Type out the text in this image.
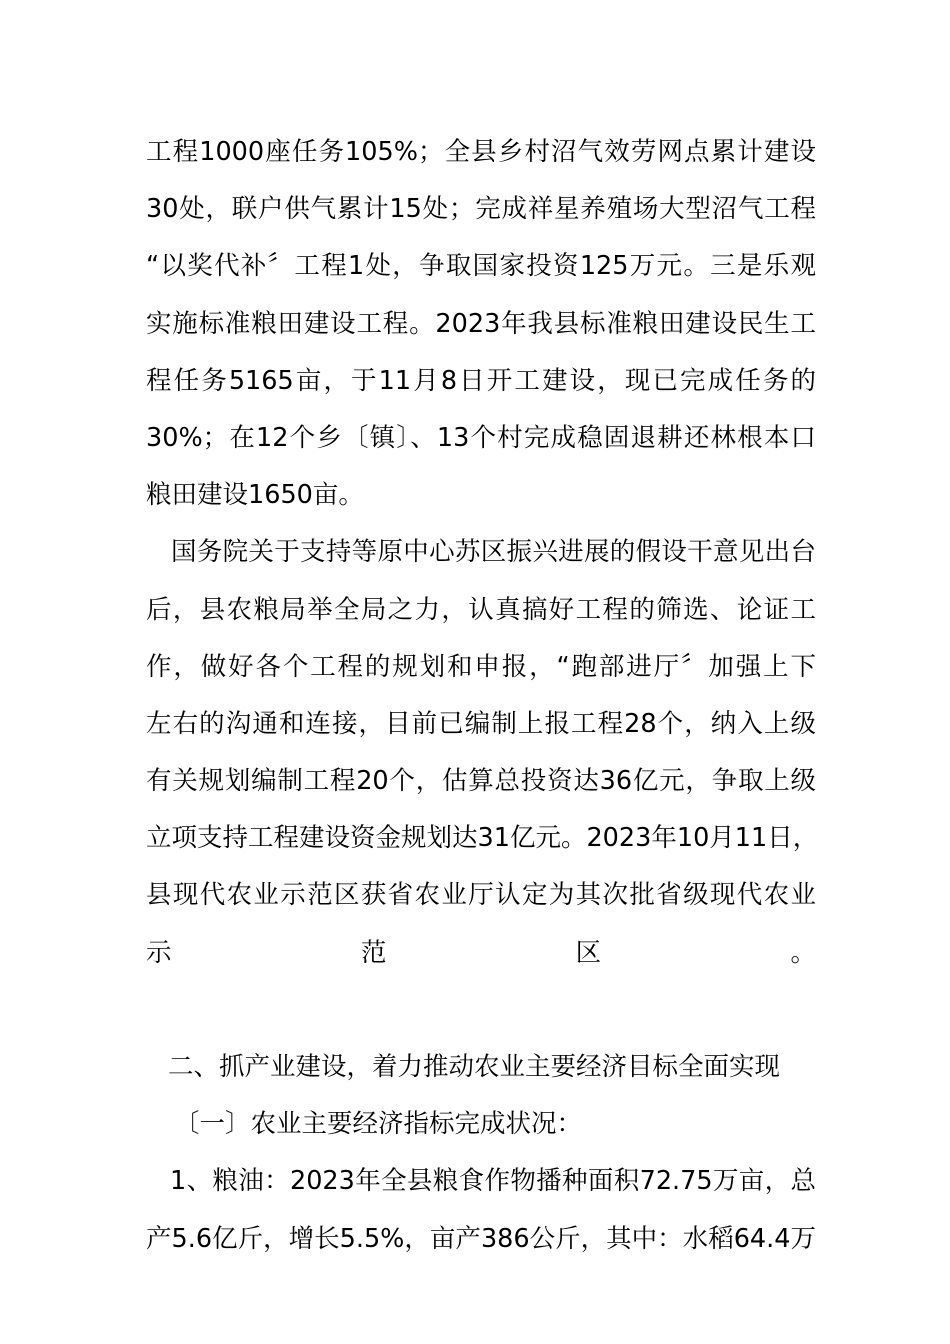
工程1000座任务105%；全县乡村沼气效劳网点累计建设
30处，联户供气累计15处；完成祥星养殖场大型沼气工程
“以奖代补〞工程1处，争取国家投资125万元。三是乐观
实施标准粮田建设工程。2023年我县标准粮田建设民生工
程任务5165亩，于11月8日开工建设，现已完成任务的
30%；在12个乡〔镇〕、13个村完成稳固退耕还林根本口
粮田建设1650亩。
国务院关于支持等原中心苏区振兴进展的假设干意见出台
后，县农粮局举全局之力，认真搞好工程的筛选、论证工
作，做好各个工程的规划和申报，“跑部进厅〞加强上下
左右的沟通和连接，目前已编制上报工程28个，纳入上级
有关规划编制工程20个，估算总投资达36亿元，争取上级
立项支持工程建设资金规划达31亿元。2023年10月11日，
县现代农业示范区获省农业厅认定为其次批省级现代农业
示范区。
二、抓产业建设，着力推动农业主要经济目标全面实现
〔一〕农业主要经济指标完成状况：
1、粮油：2023年全县粮食作物播种面积72.75万亩，总
产5.6亿斤，增长5.5%，亩产386公斤，其中：水稻64.4万
